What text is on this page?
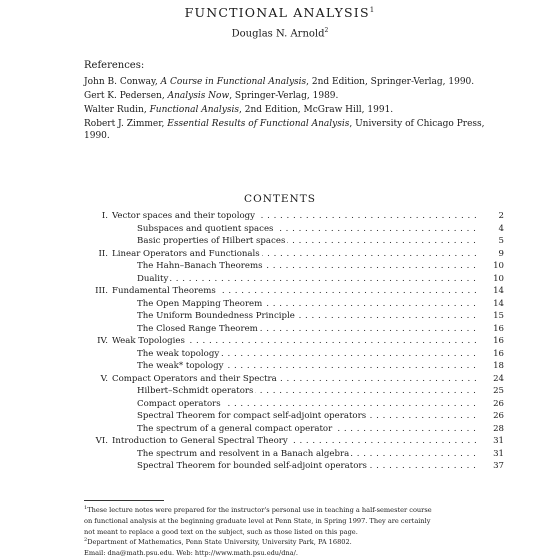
FUNCTIONAL ANALYSIS$^1$
Douglas N. Arnold$^2$
References:
John B. Conway, A Course in Functional Analysis, 2nd Edition, Springer-Verlag, 1990.
Gert K. Pedersen, Analysis Now, Springer-Verlag, 1989.
Walter Rudin, Functional Analysis, 2nd Edition, McGraw Hill, 1991.
Robert J. Zimmer, Essential Results of Functional Analysis, University of Chicago Press,
1990.
CONTENTS
I. Vector spaces and their topology . . .	2
Subspaces and quotient spaces . . .	4
Basic properties of Hilbert spaces . . .	5
II. Linear Operators and Functionals . . .	9
The Hahn–Banach Theorems . . .	10
Duality . . .	10
III. Fundamental Theorems . . .	14
The Open Mapping Theorem . . .	14
The Uniform Boundedness Principle . . .	15
The Closed Range Theorem . . .	16
IV. Weak Topologies . . .	16
The weak topology . . .	16
The weak* topology . . .	18
V. Compact Operators and their Spectra . . .	24
Hilbert–Schmidt operators . . .	25
Compact operators . . .	26
Spectral Theorem for compact self-adjoint operators . . .	26
The spectrum of a general compact operator . . .	28
VI. Introduction to General Spectral Theory . . .	31
The spectrum and resolvent in a Banach algebra . . .	31
Spectral Theorem for bounded self-adjoint operators . . .	37
$^1$These lecture notes were prepared for the instructor's personal use in teaching a half-semester course
on functional analysis at the beginning graduate level at Penn State, in Spring 1997. They are certainly
not meant to replace a good text on the subject, such as those listed on this page.
$^2$Department of Mathematics, Penn State University, University Park, PA 16802.
Email: dna@math.psu.edu. Web: http://www.math.psu.edu/dna/.
